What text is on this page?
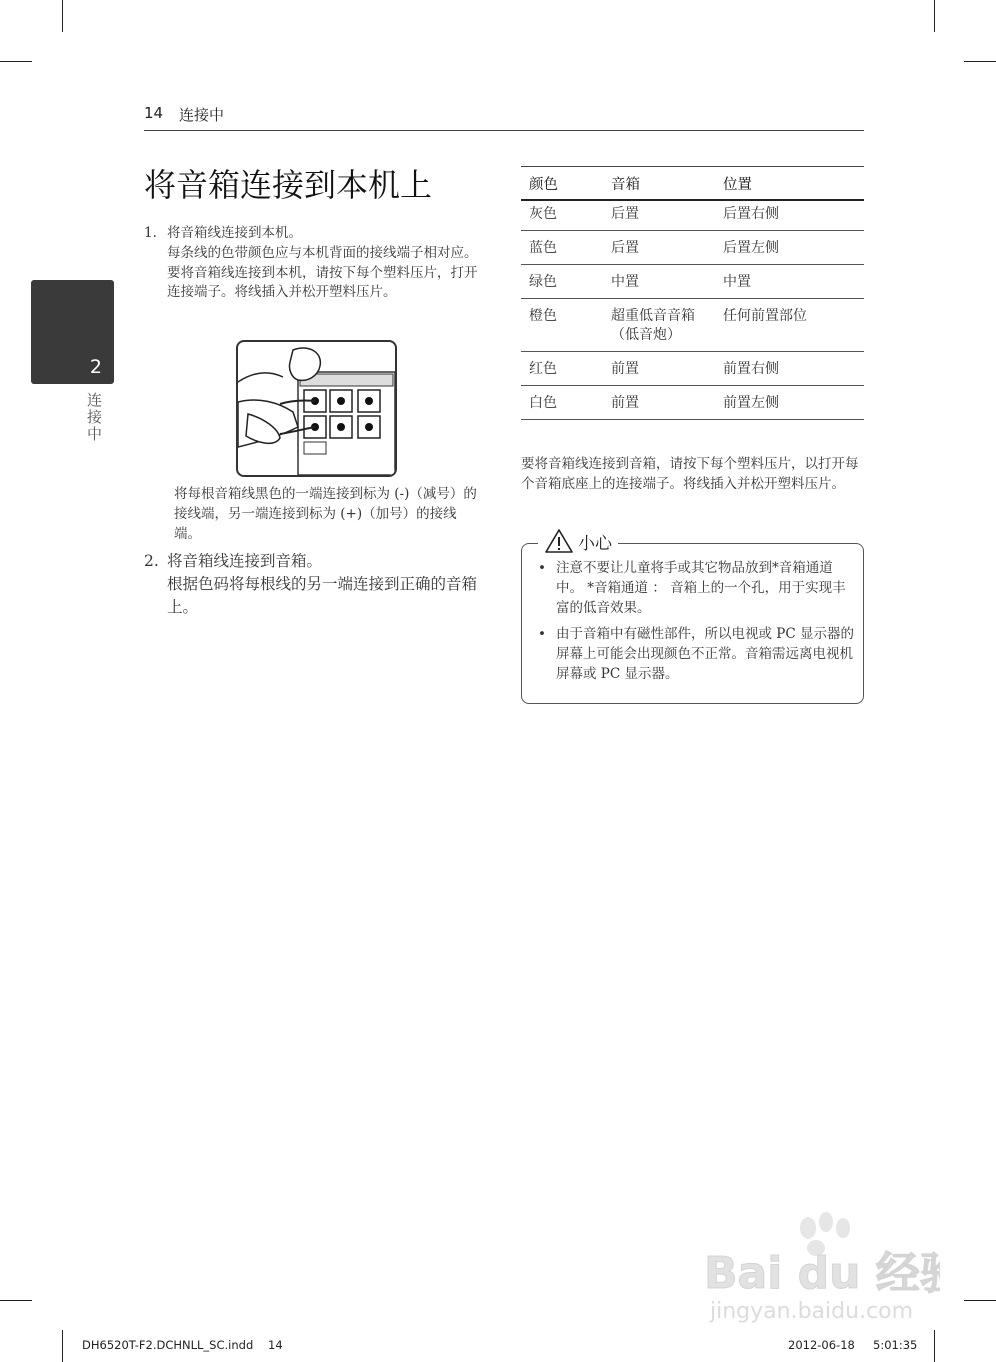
14 连接中
2
连接中
将音箱连接到本机上
1. 将音箱线连接到本机。
每条线的色带颜色应与本机背面的接线端子相对应。要将音箱线连接到本机，请按下每个塑料压片，打开连接端子。将线插入并松开塑料压片。
将每根音箱线黑色的一端连接到标为 (-)（减号）的接线端，另一端连接到标为 (+)（加号）的接线端。
2. 将音箱线连接到音箱。
根据色码将每根线的另一端连接到正确的音箱上。
颜色	音箱	位置
灰色	后置	后置右侧
蓝色	后置	后置左侧
绿色	中置	中置
橙色	超重低音音箱（低音炮）	任何前置部位
红色	前置	前置右侧
白色	前置	前置左侧
要将音箱线连接到音箱，请按下每个塑料压片，以打开每个音箱底座上的连接端子。将线插入并松开塑料压片。
• 注意不要让儿童将手或其它物品放到*音箱通道中。 *音箱通道 ： 音箱上的一个孔，用于实现丰富的低音效果。
• 由于音箱中有磁性部件，所以电视或 PC 显示器的屏幕上可能会出现颜色不正常。音箱需远离电视机屏幕或 PC 显示器。
小心
Bai du 经验
jingyan.baidu.com
DH6520T-F2.DCHNLL_SC.indd 14	2012-06-18 5:01:35
